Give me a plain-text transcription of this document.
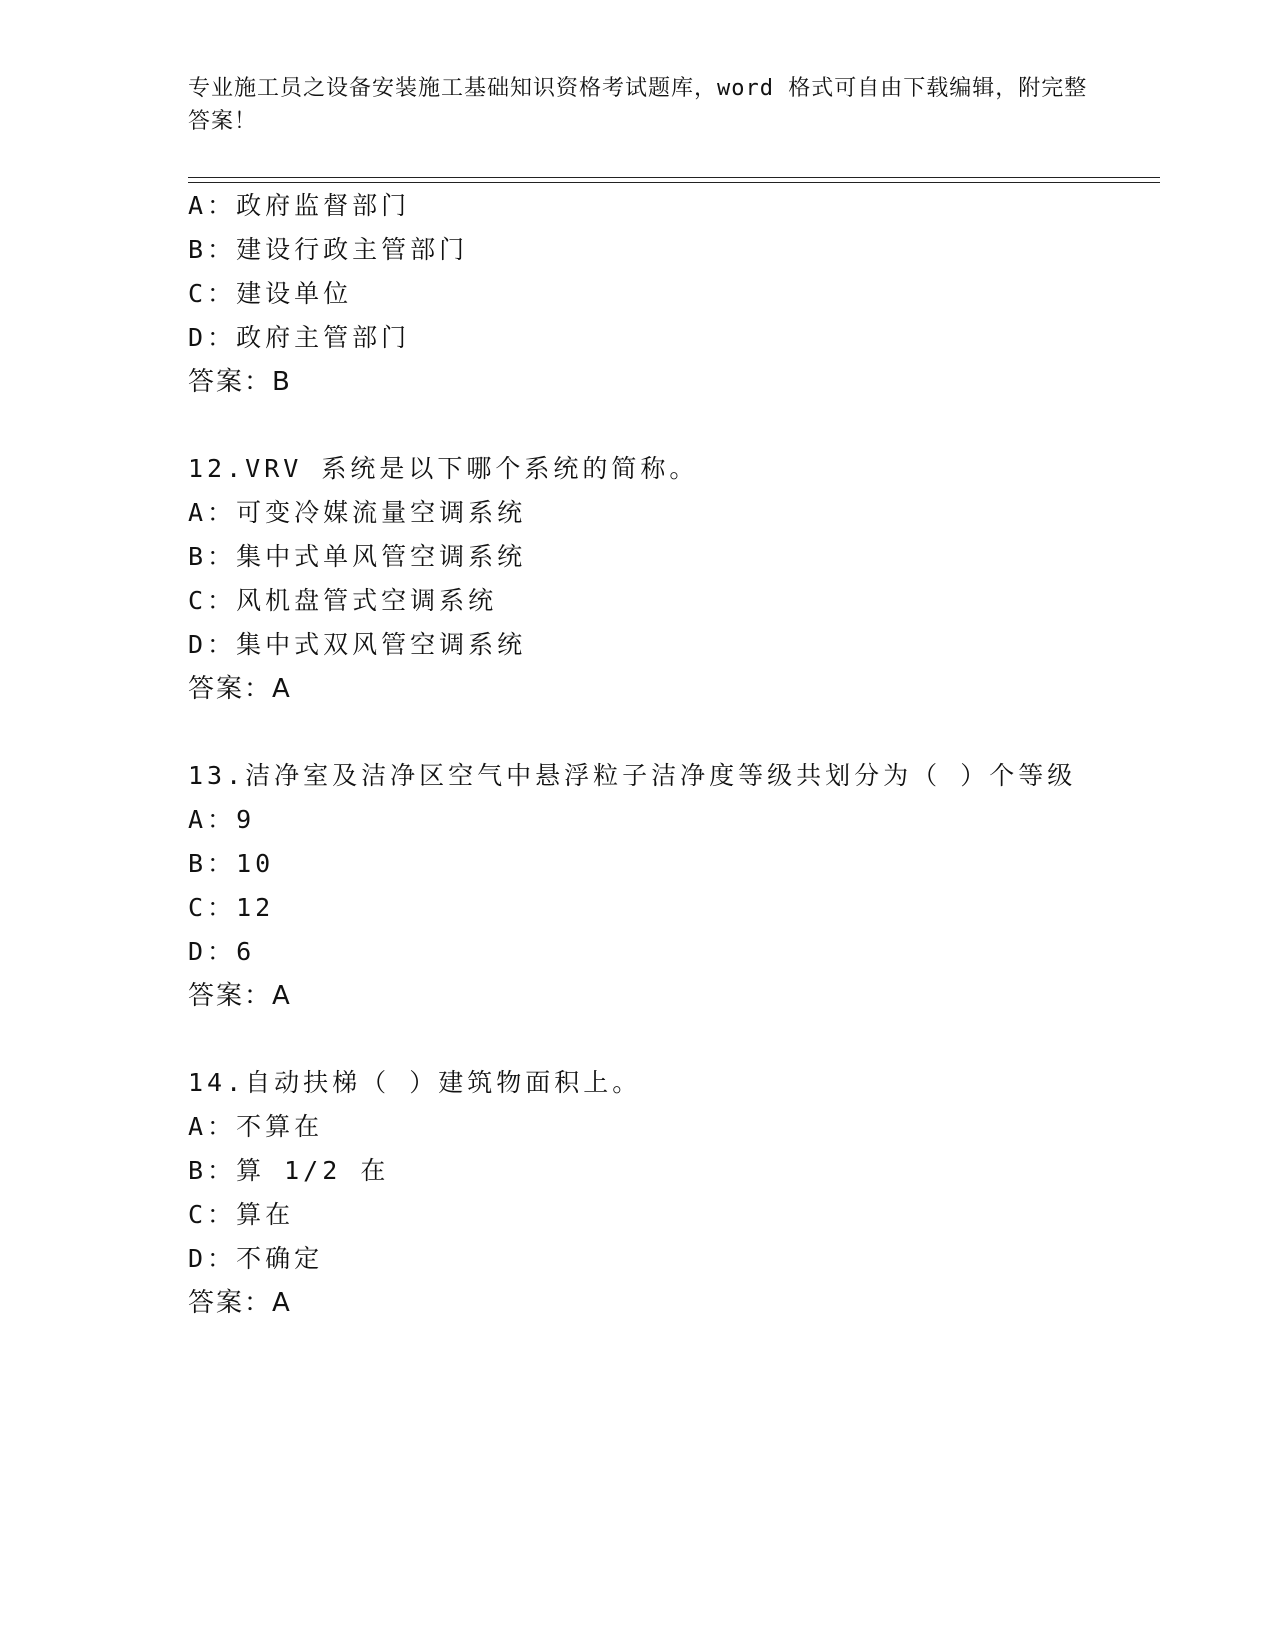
专业施工员之设备安装施工基础知识资格考试题库，word 格式可自由下载编辑，附完整答案！
A：政府监督部门
B：建设行政主管部门
C：建设单位
D：政府主管部门
答案：B
12.VRV 系统是以下哪个系统的简称。
A：可变冷媒流量空调系统
B：集中式单风管空调系统
C：风机盘管式空调系统
D：集中式双风管空调系统
答案：A
13.洁净室及洁净区空气中悬浮粒子洁净度等级共划分为（ ）个等级
A：9
B：10
C：12
D：6
答案：A
14.自动扶梯（ ）建筑物面积上。
A：不算在
B：算 1/2 在
C：算在
D：不确定
答案：A
